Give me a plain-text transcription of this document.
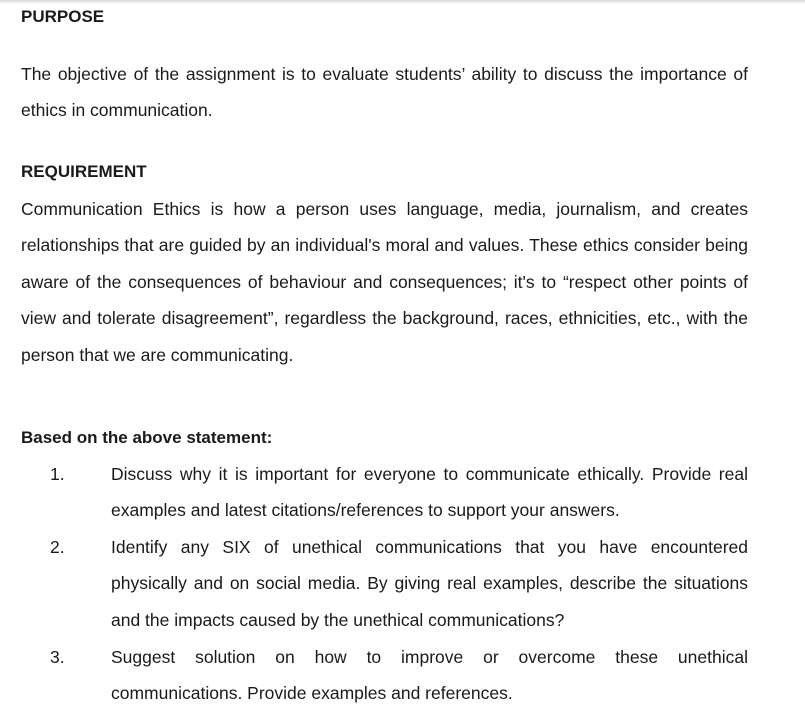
PURPOSE

The objective of the assignment is to evaluate students’ ability to discuss the importance of ethics in communication.

REQUIREMENT

Communication Ethics is how a person uses language, media, journalism, and creates relationships that are guided by an individual's moral and values. These ethics consider being aware of the consequences of behaviour and consequences; it's to “respect other points of view and tolerate disagreement”, regardless the background, races, ethnicities, etc., with the person that we are communicating.

Based on the above statement:

1.	Discuss why it is important for everyone to communicate ethically. Provide real examples and latest citations/references to support your answers.

2.	Identify any SIX of unethical communications that you have encountered physically and on social media. By giving real examples, describe the situations and the impacts caused by the unethical communications?

3.	Suggest solution on how to improve or overcome these unethical communications. Provide examples and references.
